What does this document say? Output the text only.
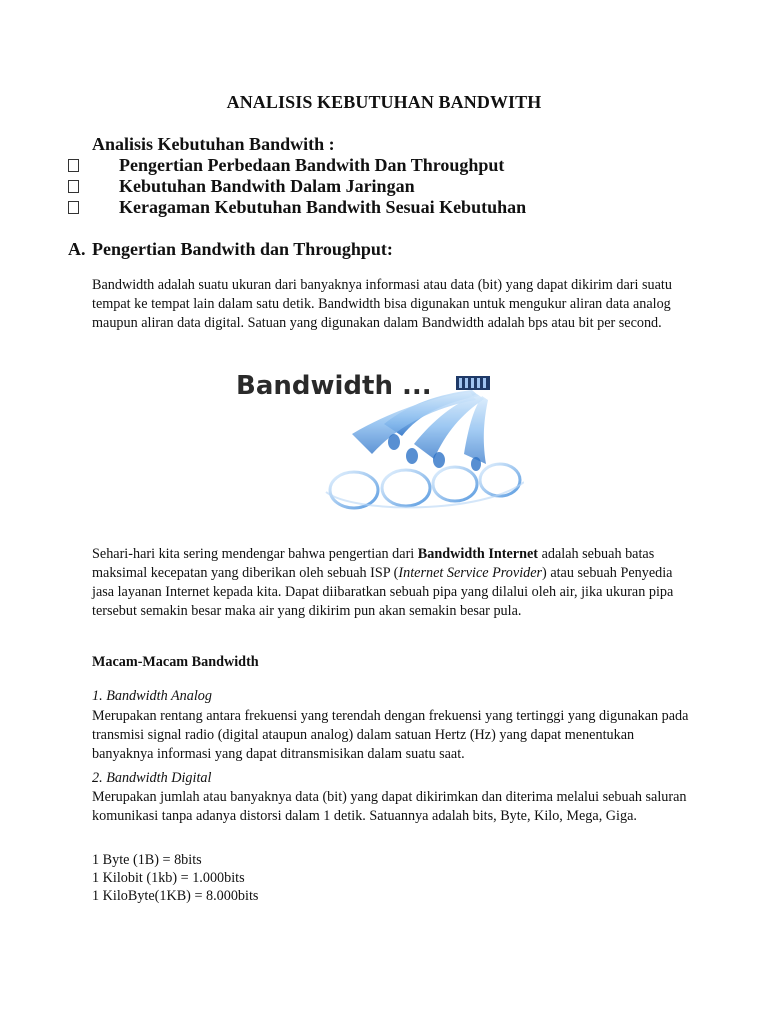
ANALISIS KEBUTUHAN BANDWITH
Analisis Kebutuhan Bandwith :
Pengertian Perbedaan Bandwith Dan Throughput
Kebutuhan Bandwith Dalam Jaringan
Keragaman Kebutuhan Bandwith Sesuai Kebutuhan
A. Pengertian Bandwith dan Throughput:
Bandwidth adalah suatu ukuran dari banyaknya informasi atau data (bit) yang dapat dikirim dari suatu tempat ke tempat lain dalam satu detik. Bandwidth bisa digunakan untuk mengukur aliran data analog maupun aliran data digital. Satuan yang digunakan dalam Bandwidth adalah bps atau bit per second.
Bandwidth ...
Sehari-hari kita sering mendengar bahwa pengertian dari Bandwidth Internet adalah sebuah batas maksimal kecepatan yang diberikan oleh sebuah ISP (Internet Service Provider) atau sebuah Penyedia jasa layanan Internet kepada kita. Dapat diibaratkan sebuah pipa yang dilalui oleh air, jika ukuran pipa tersebut semakin besar maka air yang dikirim pun akan semakin besar pula.
Macam-Macam Bandwidth
1. Bandwidth Analog
Merupakan rentang antara frekuensi yang terendah dengan frekuensi yang tertinggi yang digunakan pada transmisi signal radio (digital ataupun analog) dalam satuan Hertz (Hz) yang dapat menentukan banyaknya informasi yang dapat ditransmisikan dalam suatu saat.
2. Bandwidth Digital
Merupakan jumlah atau banyaknya data (bit) yang dapat dikirimkan dan diterima melalui sebuah saluran komunikasi tanpa adanya distorsi dalam 1 detik. Satuannya adalah bits, Byte, Kilo, Mega, Giga.
1 Byte (1B) = 8bits
1 Kilobit (1kb) = 1.000bits
1 KiloByte(1KB) = 8.000bits
